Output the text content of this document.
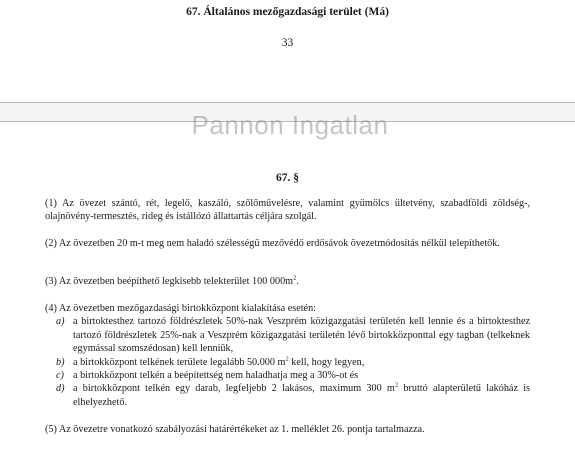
67. Általános mezőgazdasági terület (Má)
33
67. §
(1) Az övezet szántó, rét, legelő, kaszáló, szőlőművelésre, valamint gyümölcs ültetvény, szabadföldi zöldség-, olajnövény-termesztés, rideg és istállózó állattartás céljára szolgál.
(2) Az övezetben 20 m-t meg nem haladó szélességű mezővédő erdősávok övezetmódosítás nélkül telepíthetők.
(3) Az övezetben beépíthető legkisebb telekterület 100 $000m^2$.
(4) Az övezetben mezőgazdasági birtokközpont kialakítása esetén:
a) a birtoktesthez tartozó földrészletek 50%-nak Veszprém közigazgatási területén kell lennie és a birtoktesthez tartozó földrészletek 25%-nak a Veszprém közigazgatási területén lévő birtokközponttal egy tagban (telkeknek egymással szomszédosan) kell lenniük,
b) a birtokközpont telkének területe legalább 50.000 $m^2$ kell, hogy legyen,
c) a birtokközpont telkén a beépítettség nem haladhatja meg a 30%-ot és
d) a birtokközpont telkén egy darab, legfeljebb 2 lakásos, maximum 300 $m^2$ bruttó alapterületű lakóház is elhelyezhető.
(5) Az övezetre vonatkozó szabályozási határértékeket az 1. melléklet 26. pontja tartalmazza.
Pannon Ingatlan
